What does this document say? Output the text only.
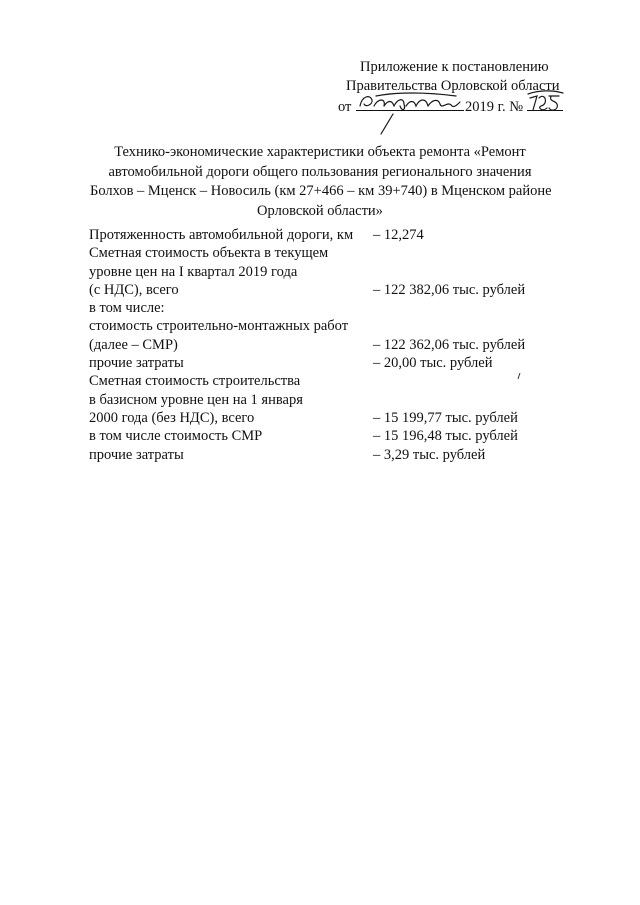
Приложение к постановлению
Правительства Орловской области
от	2019 г. №
Технико-экономические характеристики объекта ремонта «Ремонт
автомобильной дороги общего пользования регионального значения
Болхов – Мценск – Новосиль (км 27+466 – км 39+740) в Мценском районе
Орловской области»
Протяженность автомобильной дороги, км – 12,274
Сметная стоимость объекта в текущем
уровне цен на I квартал 2019 года
(с НДС), всего	– 122 382,06 тыс. рублей
в том числе:
стоимость строительно-монтажных работ
(далее – СМР)	– 122 362,06 тыс. рублей
прочие затраты	– 20,00 тыс. рублей
Сметная стоимость строительства
в базисном уровне цен на 1 января
2000 года (без НДС), всего	– 15 199,77 тыс. рублей
в том числе стоимость СМР	– 15 196,48 тыс. рублей
прочие затраты	– 3,29 тыс. рублей
